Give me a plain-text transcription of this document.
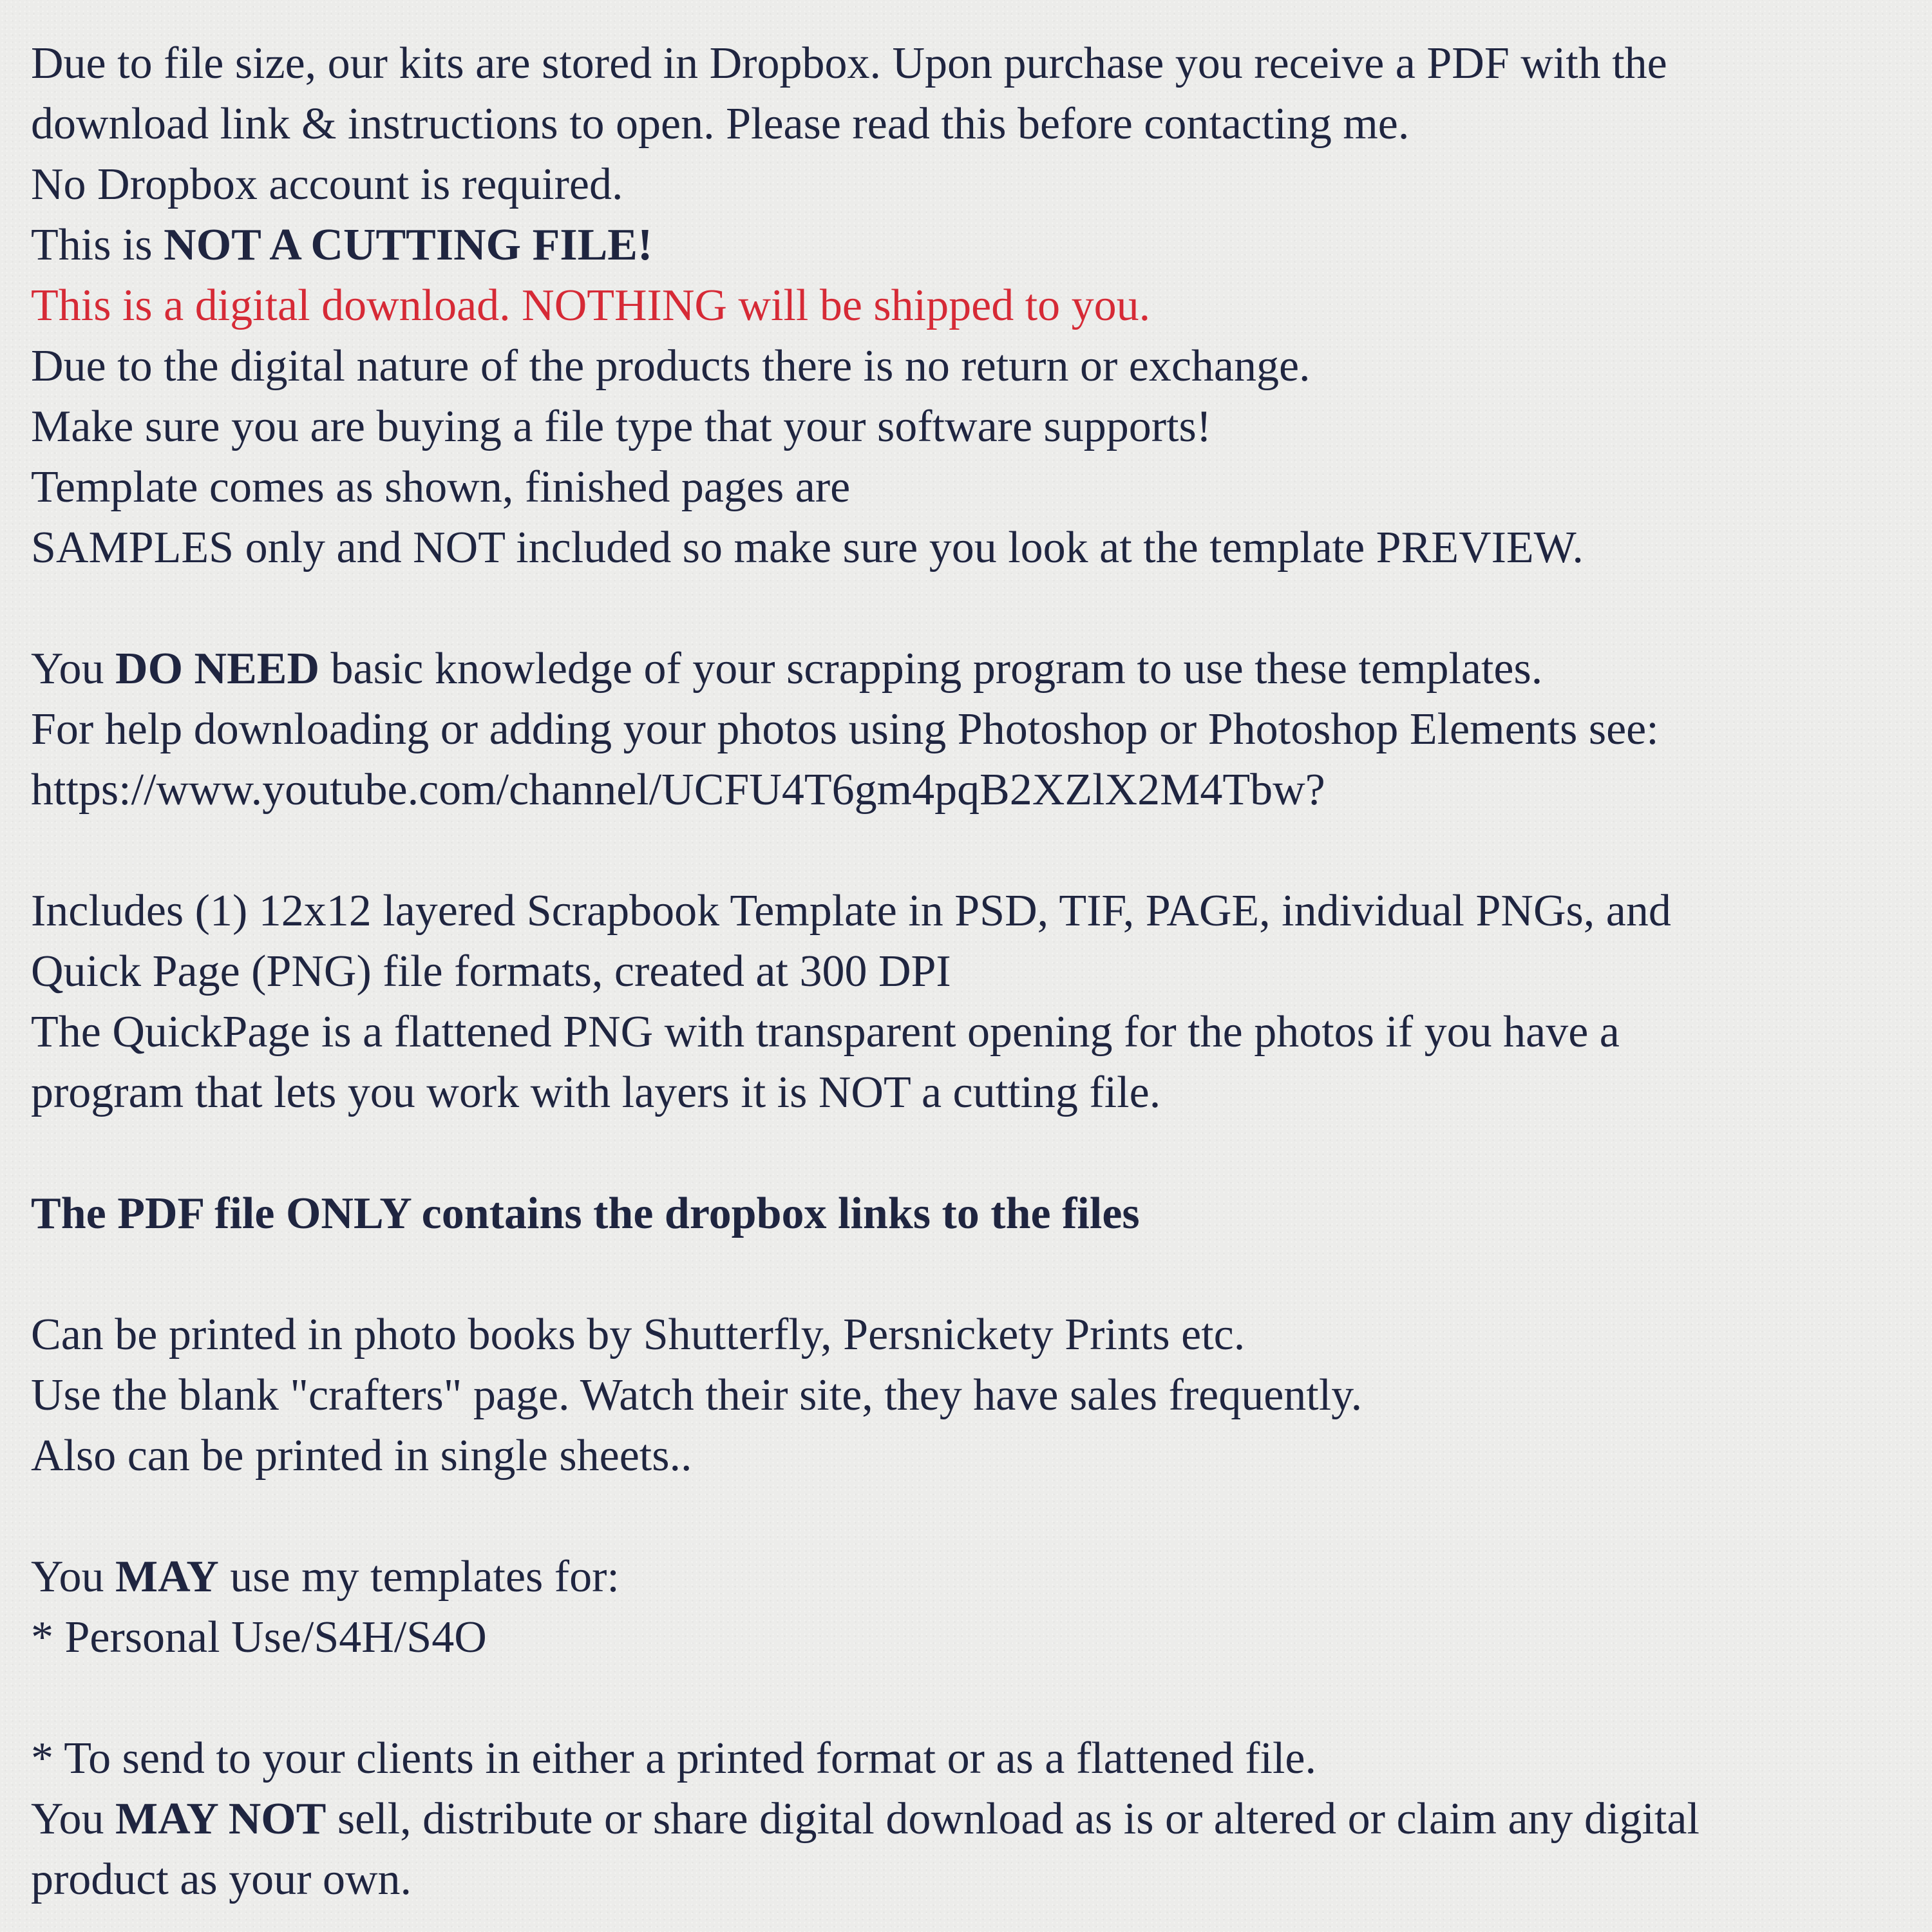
Due to file size, our kits are stored in Dropbox. Upon purchase you receive a PDF with the
download link & instructions to open. Please read this before contacting me.
No Dropbox account is required.
This is NOT A CUTTING FILE!
This is a digital download. NOTHING will be shipped to you.
Due to the digital nature of the products there is no return or exchange.
Make sure you are buying a file type that your software supports!
Template comes as shown, finished pages are
SAMPLES only and NOT included so make sure you look at the template PREVIEW.
You DO NEED basic knowledge of your scrapping program to use these templates.
For help downloading or adding your photos using Photoshop or Photoshop Elements see:
https://www.youtube.com/channel/UCFU4T6gm4pqB2XZlX2M4Tbw?
Includes (1) 12x12 layered Scrapbook Template in PSD, TIF, PAGE, individual PNGs, and
Quick Page (PNG) file formats, created at 300 DPI
The QuickPage is a flattened PNG with transparent opening for the photos if you have a
program that lets you work with layers it is NOT a cutting file.
The PDF file ONLY contains the dropbox links to the files
Can be printed in photo books by Shutterfly, Persnickety Prints etc.
Use the blank "crafters" page. Watch their site, they have sales frequently.
Also can be printed in single sheets..
You MAY use my templates for:
* Personal Use/S4H/S4O
* To send to your clients in either a printed format or as a flattened file.
You MAY NOT sell, distribute or share digital download as is or altered or claim any digital
product as your own.
